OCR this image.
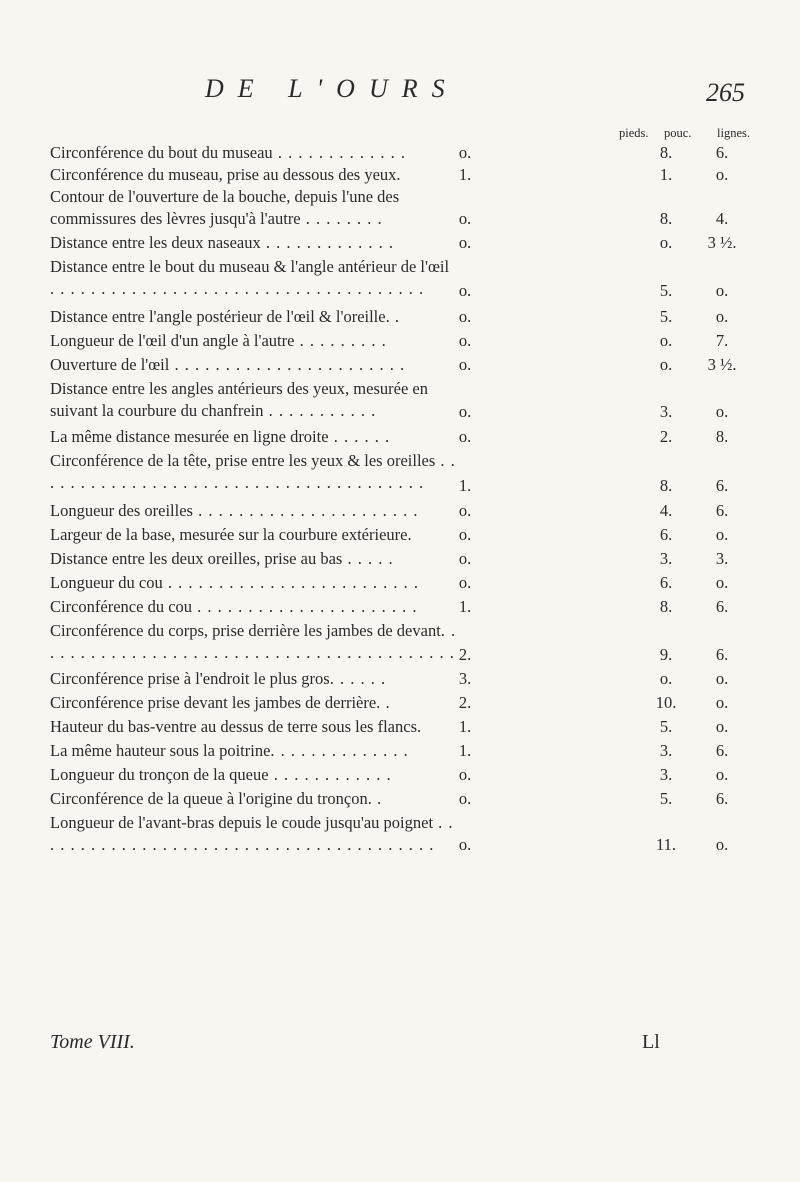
DE L'OURS	265
pieds. pouc. lignes.
Circonférence du bout du museau . . . . . . . . . . . . .	o.	8.	6.
Circonférence du museau, prise au dessous des yeux.	1.	1.	o.
Contour de l'ouverture de la bouche, depuis l'une des commissures des lèvres jusqu'à l'autre . . . . . . . .	o.	8.	4.
Distance entre les deux naseaux . . . . . . . . . . . . .	o.	o.	3 ½.
Distance entre le bout du museau & l'angle antérieur de l'œil . . . . . . . . . . . . . . . . . . . . . . . . . . . . . . . . . . . . .	o.	5.	o.
Distance entre l'angle postérieur de l'œil & l'oreille. .	o.	5.	o.
Longueur de l'œil d'un angle à l'autre . . . . . . . . .	o.	o.	7.
Ouverture de l'œil . . . . . . . . . . . . . . . . . . . . . . .	o.	o.	3 ½.
Distance entre les angles antérieurs des yeux, mesurée en suivant la courbure du chanfrein . . . . . . . . . . .	o.	3.	o.
La même distance mesurée en ligne droite . . . . . .	o.	2.	8.
Circonférence de la tête, prise entre les yeux & les oreilles . . . . . . . . . . . . . . . . . . . . . . . . . . . . . . . . . . . . . . .	1.	8.	6.
Longueur des oreilles . . . . . . . . . . . . . . . . . . . . . .	o.	4.	6.
Largeur de la base, mesurée sur la courbure extérieure.	o.	6.	o.
Distance entre les deux oreilles, prise au bas . . . . .	o.	3.	3.
Longueur du cou . . . . . . . . . . . . . . . . . . . . . . . . .	o.	6.	o.
Circonférence du cou . . . . . . . . . . . . . . . . . . . . . .	1.	8.	6.
Circonférence du corps, prise derrière les jambes de devant. . . . . . . . . . . . . . . . . . . . . . . . . . . . . . . . . . . . . . . . . . 2.	9.	6.
Circonférence prise à l'endroit le plus gros. . . . . .	3.	o.	o.
Circonférence prise devant les jambes de derrière. .	2.	10.	o.
Hauteur du bas-ventre au dessus de terre sous les flancs.	1.	5.	o.
La même hauteur sous la poitrine. . . . . . . . . . . . . .	1.	3.	6.
Longueur du tronçon de la queue . . . . . . . . . . . .	o.	3.	o.
Circonférence de la queue à l'origine du tronçon. .	o.	5.	6.
Longueur de l'avant-bras depuis le coude jusqu'au poignet . . . . . . . . . . . . . . . . . . . . . . . . . . . . . . . . . . . . . . . .	o.	11.	o.
Tome VIII.	Ll
